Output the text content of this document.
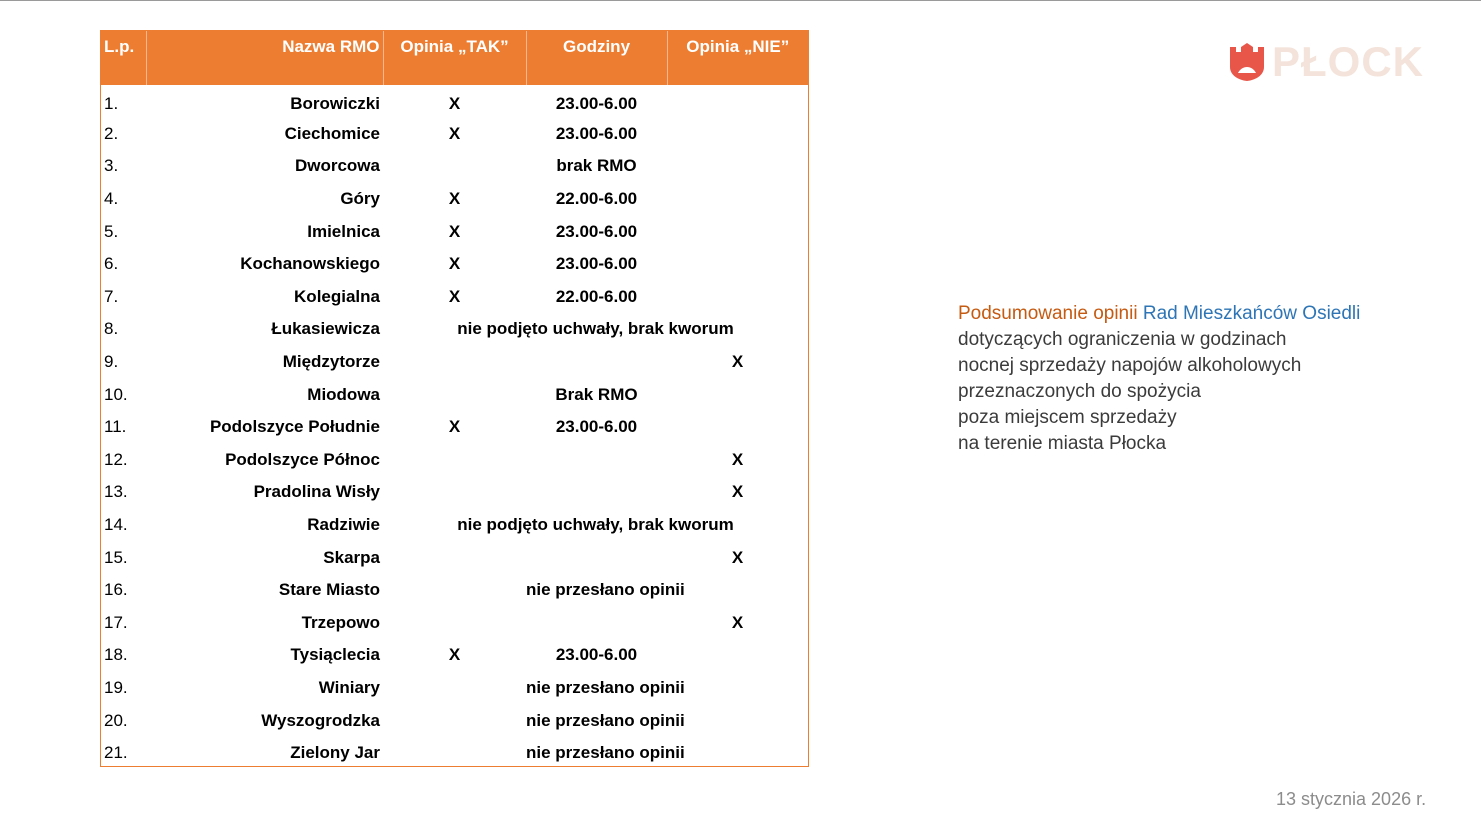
L.p.	Nazwa RMO	Opinia „TAK”	Godziny	Opinia „NIE”
1.	Borowiczki	X	23.00-6.00	
2.	Ciechomice	X	23.00-6.00	
3.	Dworcowa		brak RMO	
4.	Góry	X	22.00-6.00	
5.	Imielnica	X	23.00-6.00	
6.	Kochanowskiego	X	23.00-6.00	
7.	Kolegialna	X	22.00-6.00	
8.	Łukasiewicza	nie podjęto uchwały, brak kworum		
9.	Międzytorze			X
10.	Miodowa		Brak RMO	
11.	Podolszyce Południe	X	23.00-6.00	
12.	Podolszyce Północ			X
13.	Pradolina Wisły			X
14.	Radziwie	nie podjęto uchwały, brak kworum		
15.	Skarpa			X
16.	Stare Miasto		nie przesłano opinii	
17.	Trzepowo			X
18.	Tysiąclecia	X	23.00-6.00	
19.	Winiary		nie przesłano opinii	
20.	Wyszogrodzka		nie przesłano opinii	
21.	Zielony Jar		nie przesłano opinii	
PŁOCK
Podsumowanie opinii Rad Mieszkańców Osiedli
dotyczących ograniczenia w godzinach
nocnej sprzedaży napojów alkoholowych
przeznaczonych do spożycia
poza miejscem sprzedaży
na terenie miasta Płocka
13 stycznia 2026 r.
